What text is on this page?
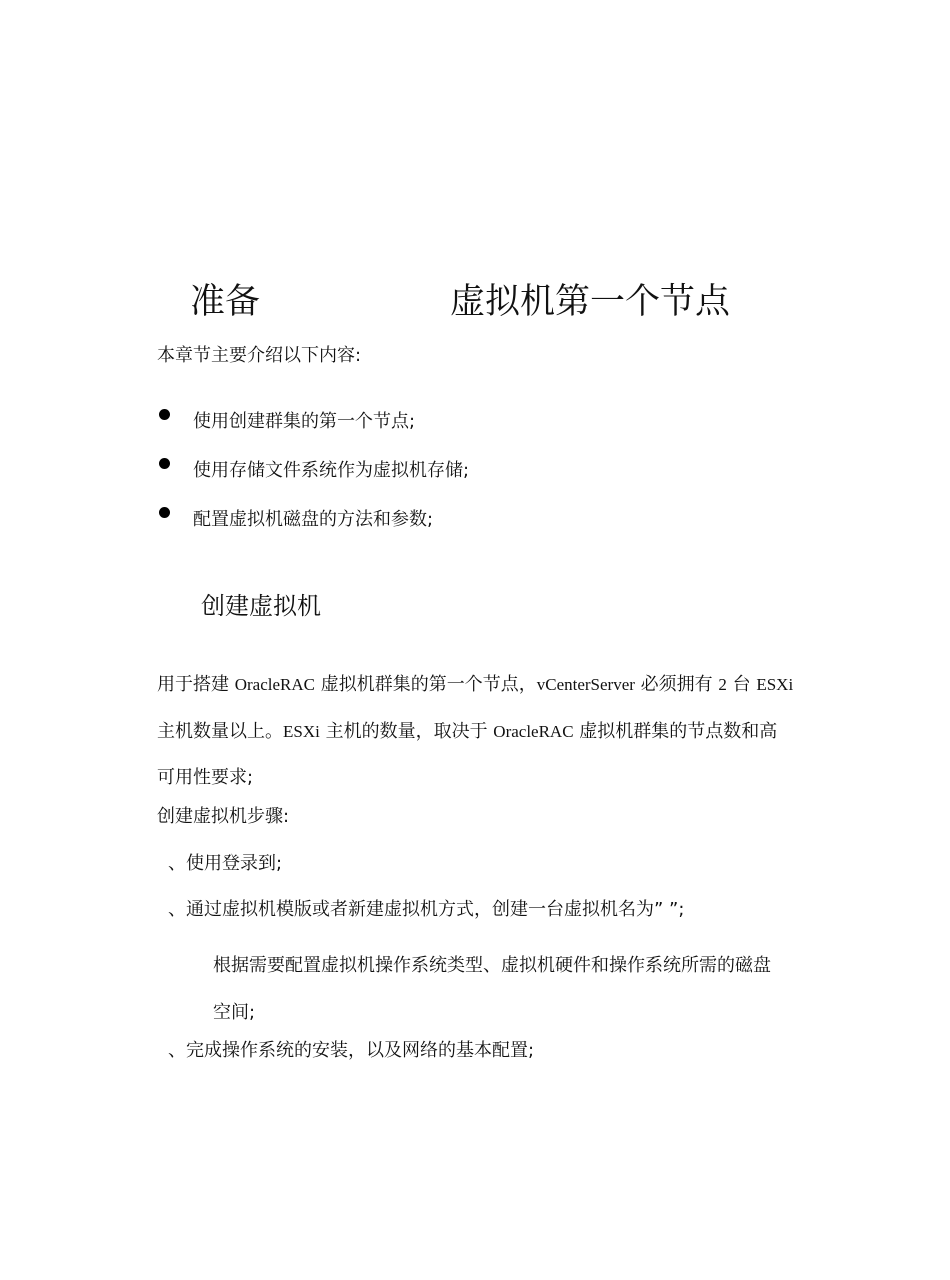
准备	虚拟机第一个节点
本章节主要介绍以下内容:
使用创建群集的第一个节点;
使用存储文件系统作为虚拟机存储;
配置虚拟机磁盘的方法和参数;
创建虚拟机
用于搭建 OracleRAC 虚拟机群集的第一个节点，vCenterServer 必须拥有 2 台 ESXi
主机数量以上。ESXi 主机的数量，取决于 OracleRAC 虚拟机群集的节点数和高
可用性要求;
创建虚拟机步骤:
、使用登录到;
、通过虚拟机模版或者新建虚拟机方式，创建一台虚拟机名为” ”;
根据需要配置虚拟机操作系统类型、虚拟机硬件和操作系统所需的磁盘
空间;
、完成操作系统的安装，以及网络的基本配置;
